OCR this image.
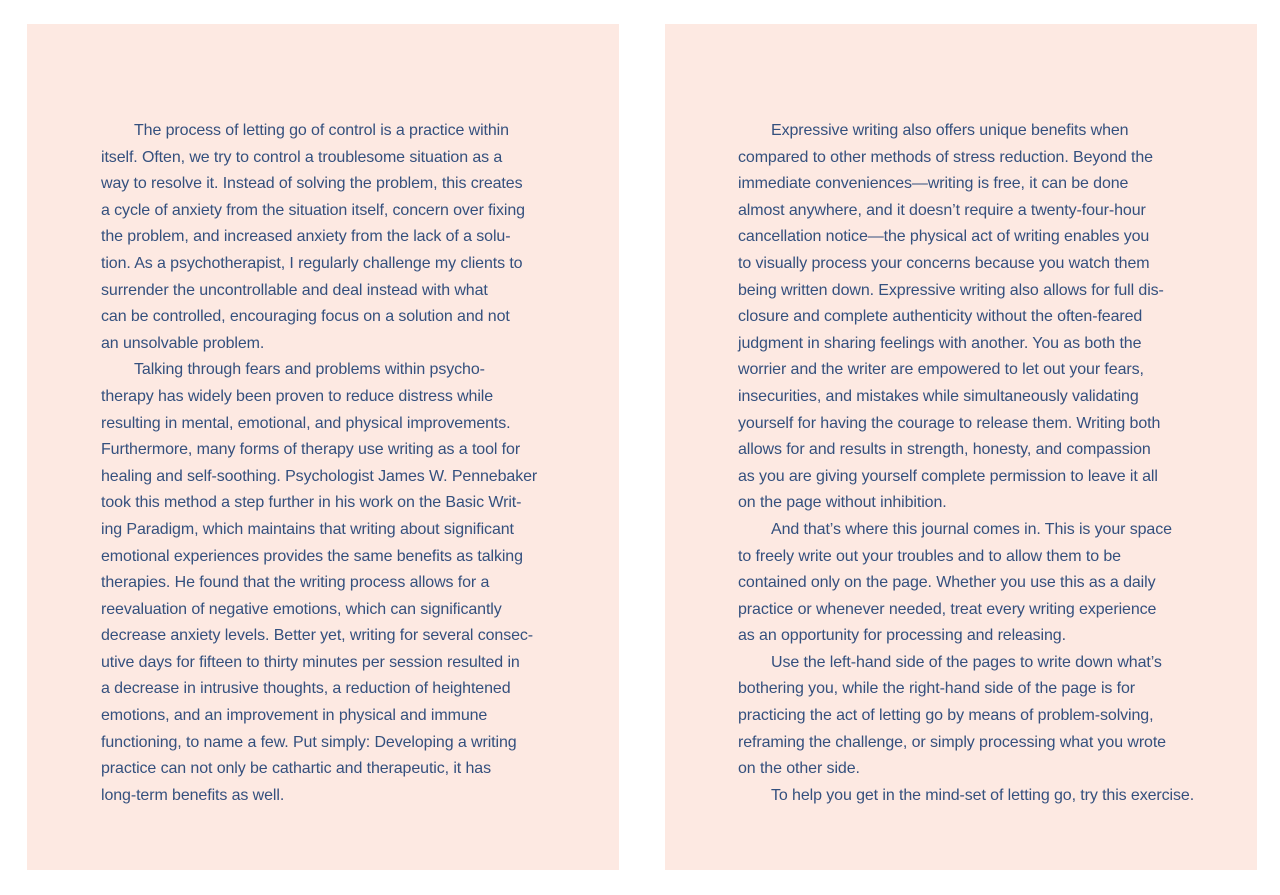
The process of letting go of control is a practice within
itself. Often, we try to control a troublesome situation as a
way to resolve it. Instead of solving the problem, this creates
a cycle of anxiety from the situation itself, concern over fixing
the problem, and increased anxiety from the lack of a solu-
tion. As a psychotherapist, I regularly challenge my clients to
surrender the uncontrollable and deal instead with what
can be controlled, encouraging focus on a solution and not
an unsolvable problem.
Talking through fears and problems within psycho-
therapy has widely been proven to reduce distress while
resulting in mental, emotional, and physical improvements.
Furthermore, many forms of therapy use writing as a tool for
healing and self-soothing. Psychologist James W. Pennebaker
took this method a step further in his work on the Basic Writ-
ing Paradigm, which maintains that writing about significant
emotional experiences provides the same benefits as talking
therapies. He found that the writing process allows for a
reevaluation of negative emotions, which can significantly
decrease anxiety levels. Better yet, writing for several consec-
utive days for fifteen to thirty minutes per session resulted in
a decrease in intrusive thoughts, a reduction of heightened
emotions, and an improvement in physical and immune
functioning, to name a few. Put simply: Developing a writing
practice can not only be cathartic and therapeutic, it has
long-term benefits as well.
Expressive writing also offers unique benefits when
compared to other methods of stress reduction. Beyond the
immediate conveniences—writing is free, it can be done
almost anywhere, and it doesn’t require a twenty-four-hour
cancellation notice—the physical act of writing enables you
to visually process your concerns because you watch them
being written down. Expressive writing also allows for full dis-
closure and complete authenticity without the often-feared
judgment in sharing feelings with another. You as both the
worrier and the writer are empowered to let out your fears,
insecurities, and mistakes while simultaneously validating
yourself for having the courage to release them. Writing both
allows for and results in strength, honesty, and compassion
as you are giving yourself complete permission to leave it all
on the page without inhibition.
And that’s where this journal comes in. This is your space
to freely write out your troubles and to allow them to be
contained only on the page. Whether you use this as a daily
practice or whenever needed, treat every writing experience
as an opportunity for processing and releasing.
Use the left-hand side of the pages to write down what’s
bothering you, while the right-hand side of the page is for
practicing the act of letting go by means of problem-solving,
reframing the challenge, or simply processing what you wrote
on the other side.
To help you get in the mind-set of letting go, try this exercise.
